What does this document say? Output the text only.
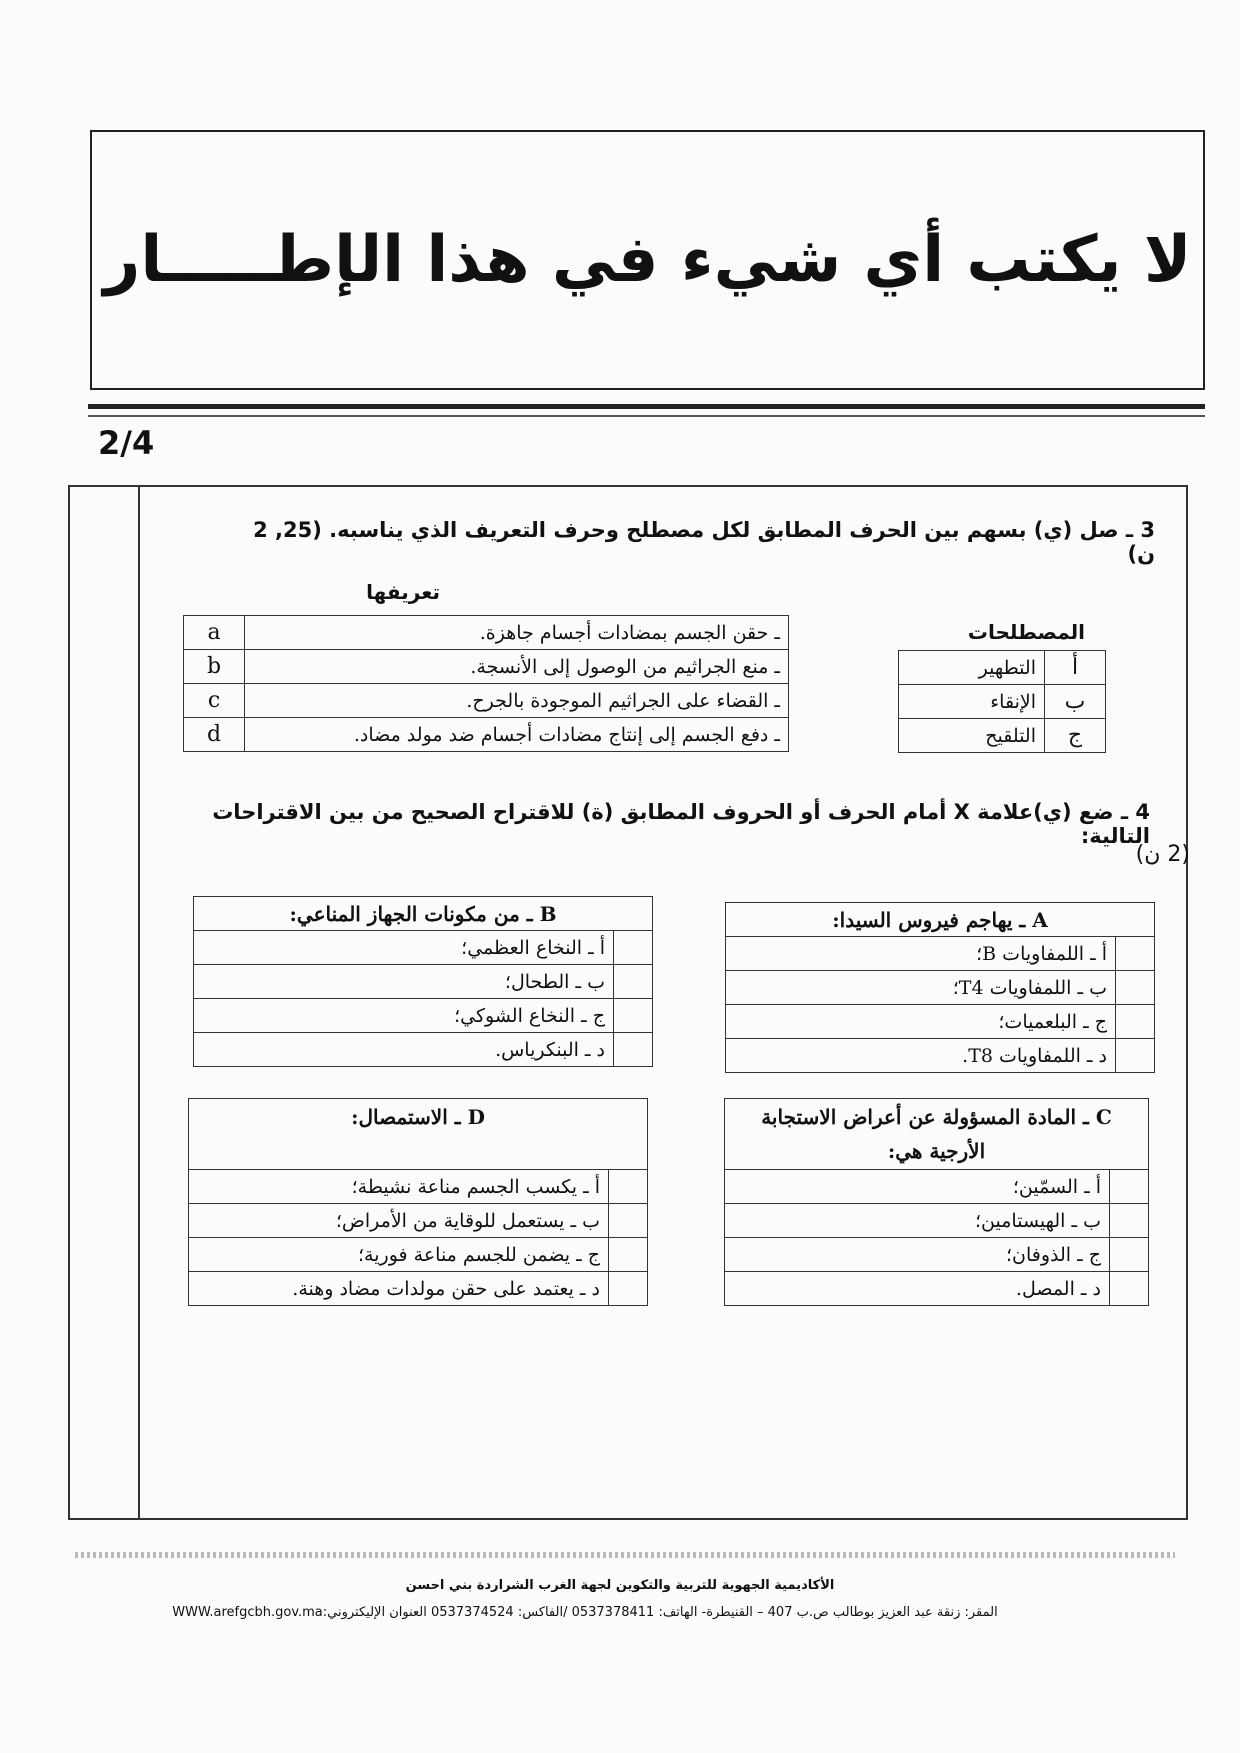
لا يكتب أي شيء في هذا الإطـــــار
2/4
3 ـ صل (ي) بسهم بين الحرف المطابق لكل مصطلح وحرف التعريف الذي يناسبه. (25, 2 ن)
تعريفها
المصطلحات
a	ـ حقن الجسم بمضادات أجسام جاهزة.
b	ـ منع الجراثيم من الوصول إلى الأنسجة.
c	ـ القضاء على الجراثيم الموجودة بالجرح.
d	ـ دفع الجسم إلى إنتاج مضادات أجسام ضد مولد مضاد.
التطهير	أ
الإنقاء	ب
التلقيح	ج
4 ـ ضع (ي)علامة X أمام الحرف أو الحروف المطابق (ة) للاقتراح الصحيح من بين الاقتراحات التالية:
(2 ن)
A ـ يهاجم فيروس السيدا:	
أ ـ اللمفاويات B؛	
ب ـ اللمفاويات T4؛	
ج ـ البلعميات؛	
د ـ اللمفاويات T8.	
B ـ من مكونات الجهاز المناعي:	
أ ـ النخاع العظمي؛	
ب ـ الطحال؛	
ج ـ النخاع الشوكي؛	
د ـ البنكرياس.	
C ـ المادة المسؤولة عن أعراض الاستجابة الأرجية هي:	
أ ـ السمّين؛	
ب ـ الهيستامين؛	
ج ـ الذوفان؛	
د ـ المصل.	
D ـ الاستمصال:	
أ ـ يكسب الجسم مناعة نشيطة؛	
ب ـ يستعمل للوقاية من الأمراض؛	
ج ـ يضمن للجسم مناعة فورية؛	
د ـ يعتمد على حقن مولدات مضاد وهنة.	
الأكاديمية الجهوية للتربية والتكوين لجهة الغرب الشراردة بني احسن
المقر: زنقة عبد العزيز بوطالب ص.ب 407 – القنيطرة- الهاتف: 0537378411 /الفاكس: 0537374524 العنوان الإليكتروني:WWW.arefgcbh.gov.ma
